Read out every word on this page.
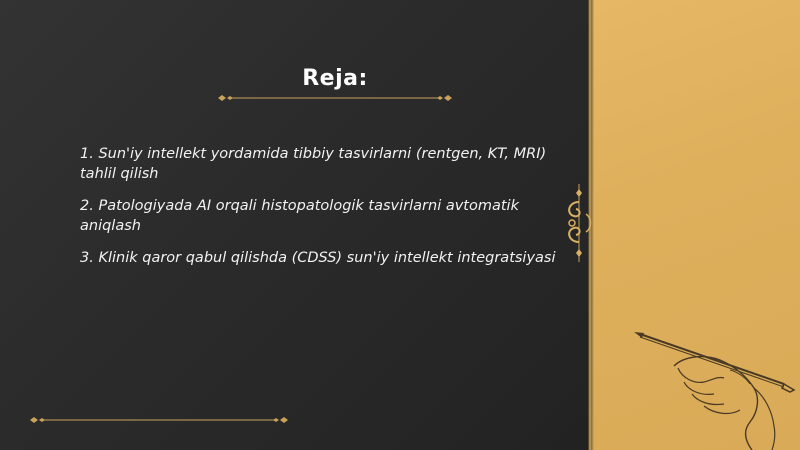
Reja:
1. Sun'iy intellekt yordamida tibbiy tasvirlarni (rentgen, KT, MRI) tahlil qilish
2. Patologiyada AI orqali histopatologik tasvirlarni avtomatik aniqlash
3. Klinik qaror qabul qilishda (CDSS) sun'iy intellekt integratsiyasi
